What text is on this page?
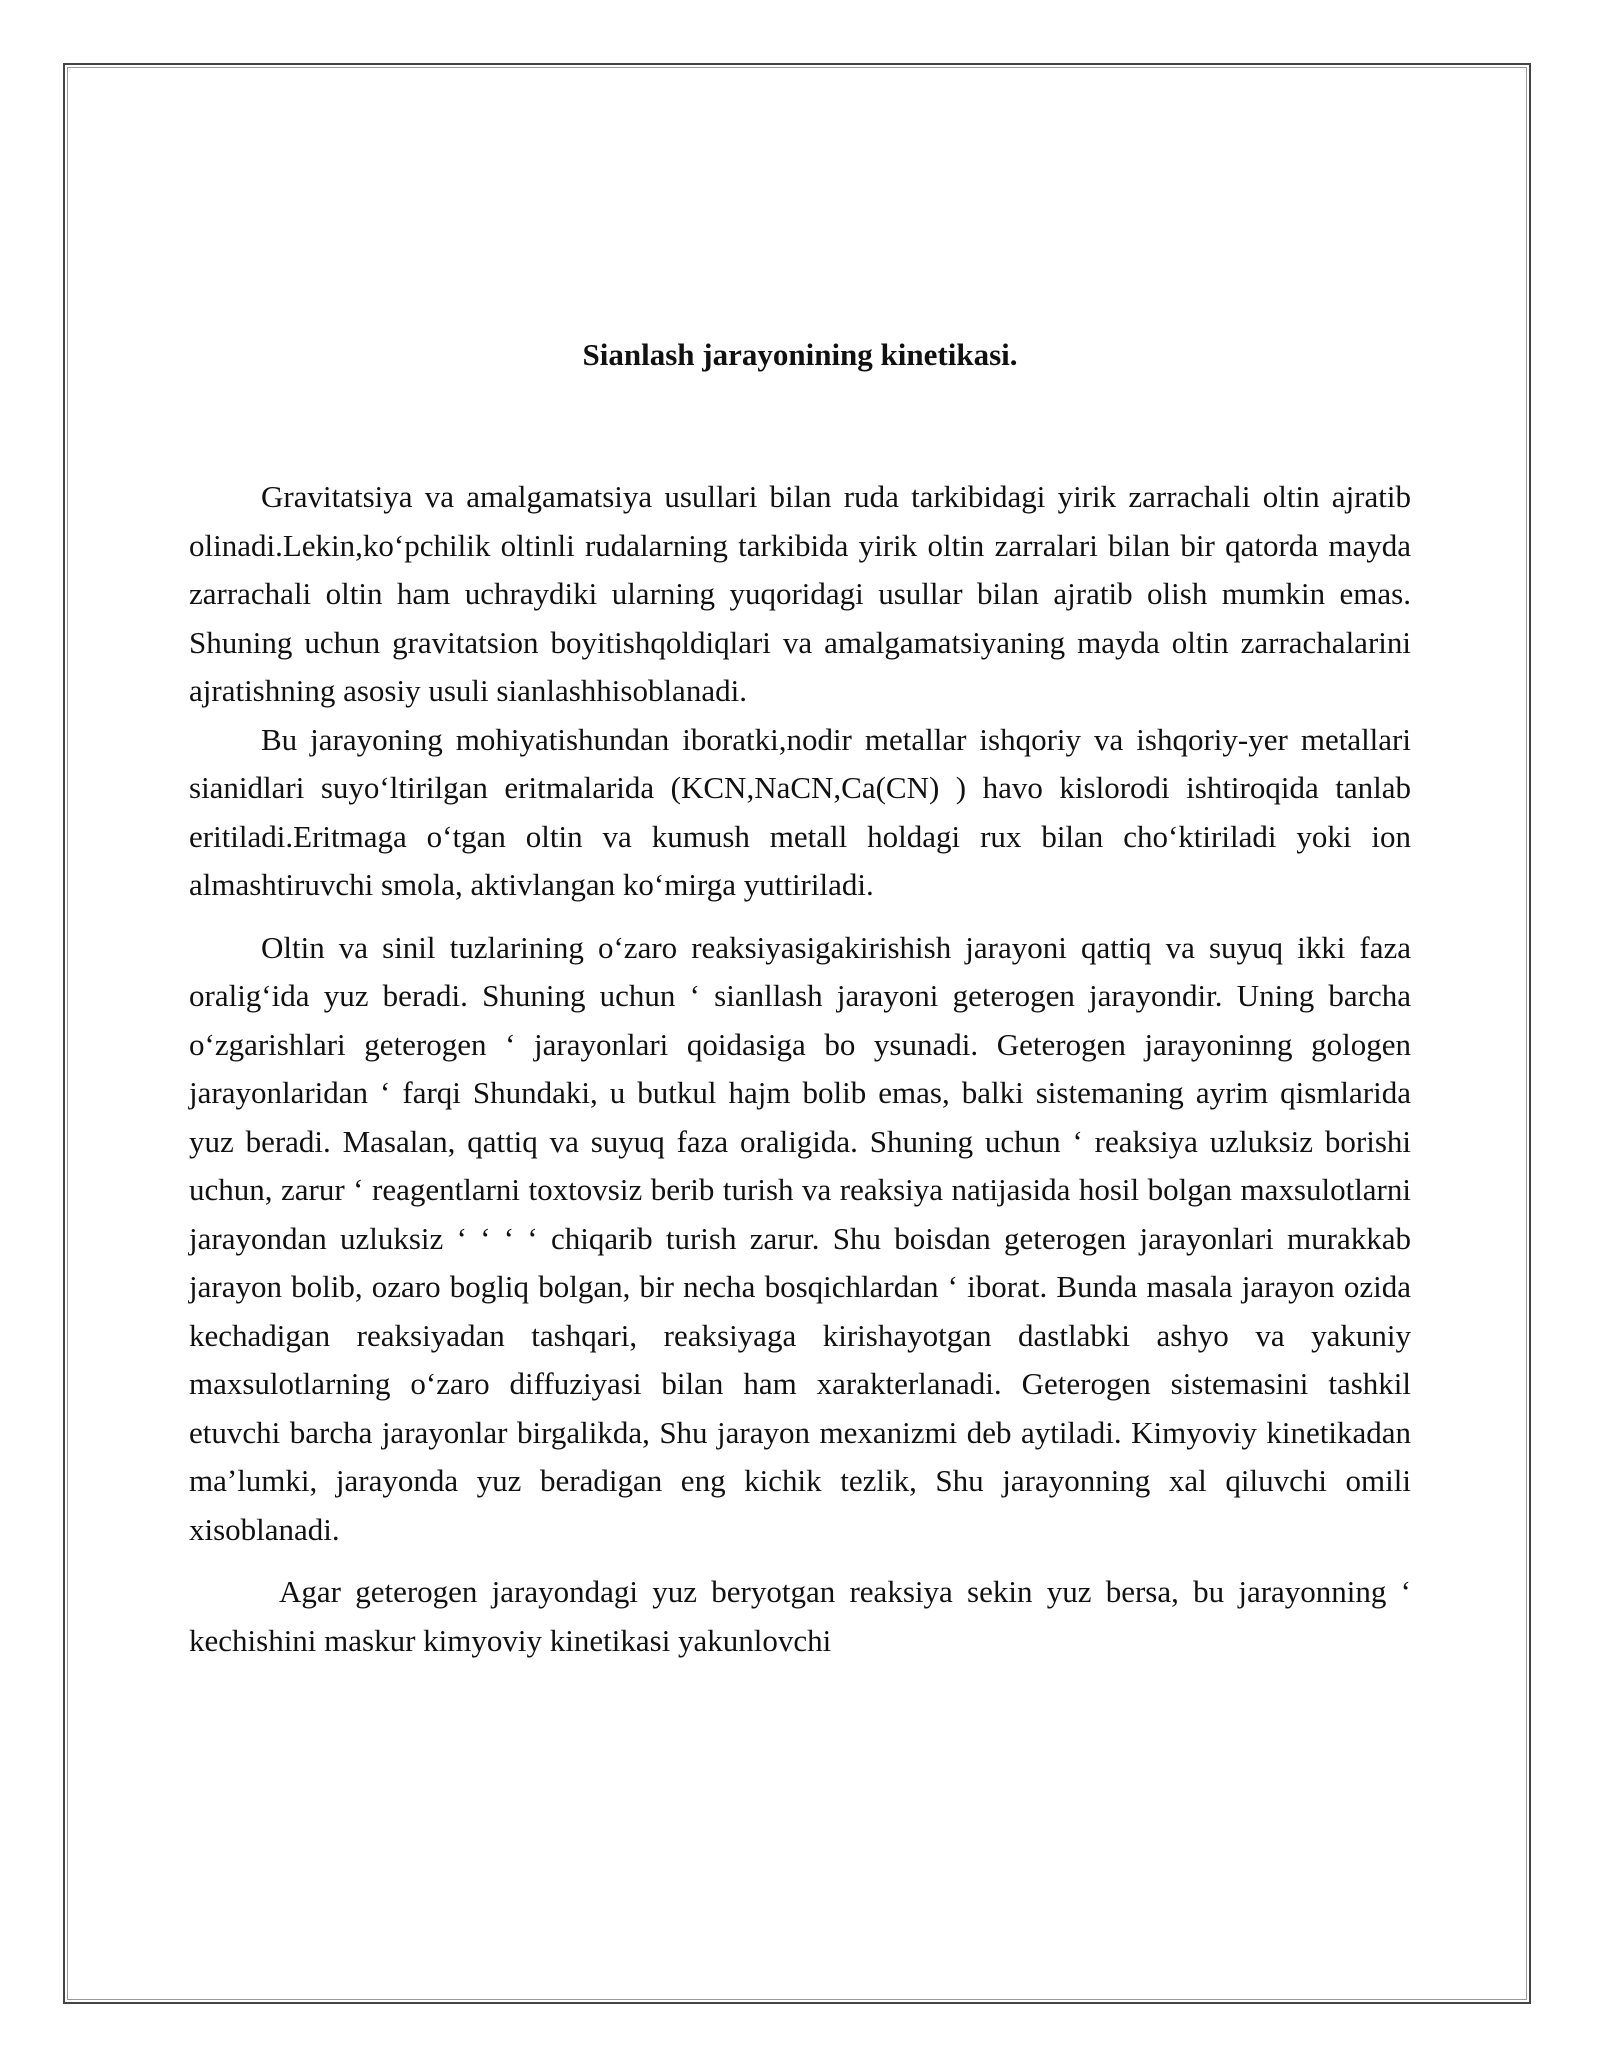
Sianlash jarayonining kinetikasi.

Gravitatsiya va amalgamatsiya usullari bilan ruda tarkibidagi yirik zarrachali oltin ajratib olinadi.Lekin,koʻpchilik oltinli rudalarning tarkibida yirik oltin zarralari bilan bir qatorda mayda zarrachali oltin ham uchraydiki ularning yuqoridagi usullar bilan ajratib olish mumkin emas. Shuning uchun gravitatsion boyitishqoldiqlari va amalgamatsiyaning mayda oltin zarrachalarini ajratishning asosiy usuli sianlashhisoblanadi.

Bu jarayoning mohiyatishundan iboratki,nodir metallar ishqoriy va ishqoriy-yer metallari sianidlari suyoʻltirilgan eritmalarida (KCN,NaCN,Ca(CN) ) havo kislorodi ishtiroqida tanlab eritiladi.Eritmaga oʻtgan oltin va kumush metall holdagi rux bilan choʻktiriladi yoki ion almashtiruvchi smola, aktivlangan koʻmirga yuttiriladi.

Oltin va sinil tuzlarining oʻzaro reaksiyasigakirishish jarayoni qattiq va suyuq ikki faza oraligʻida yuz beradi. Shuning uchun ʻ sianllash jarayoni geterogen jarayondir. Uning barcha oʻzgarishlari geterogen ʻ jarayonlari qoidasiga bo ysunadi. Geterogen jarayoninng gologen jarayonlaridan ʻ farqi Shundaki, u butkul hajm bolib emas, balki sistemaning ayrim qismlarida yuz beradi. Masalan, qattiq va suyuq faza oraligida. Shuning uchun ʻ reaksiya uzluksiz borishi uchun, zarur ʻ reagentlarni toxtovsiz berib turish va reaksiya natijasida hosil bolgan maxsulotlarni jarayondan uzluksiz ʻ ʻ ʻ ʻ chiqarib turish zarur. Shu boisdan geterogen jarayonlari murakkab jarayon bolib, ozaro bogliq bolgan, bir necha bosqichlardan ʻ iborat. Bunda masala jarayon ozida kechadigan reaksiyadan tashqari, reaksiyaga kirishayotgan dastlabki ashyo va yakuniy maxsulotlarning oʻzaro diffuziyasi bilan ham xarakterlanadi. Geterogen sistemasini tashkil etuvchi barcha jarayonlar birgalikda, Shu jarayon mexanizmi deb aytiladi. Kimyoviy kinetikadan maʼlumki, jarayonda yuz beradigan eng kichik tezlik, Shu jarayonning xal qiluvchi omili xisoblanadi.

Agar geterogen jarayondagi yuz beryotgan reaksiya sekin yuz bersa, bu jarayonning ʻ kechishini maskur kimyoviy kinetikasi yakunlovchi
